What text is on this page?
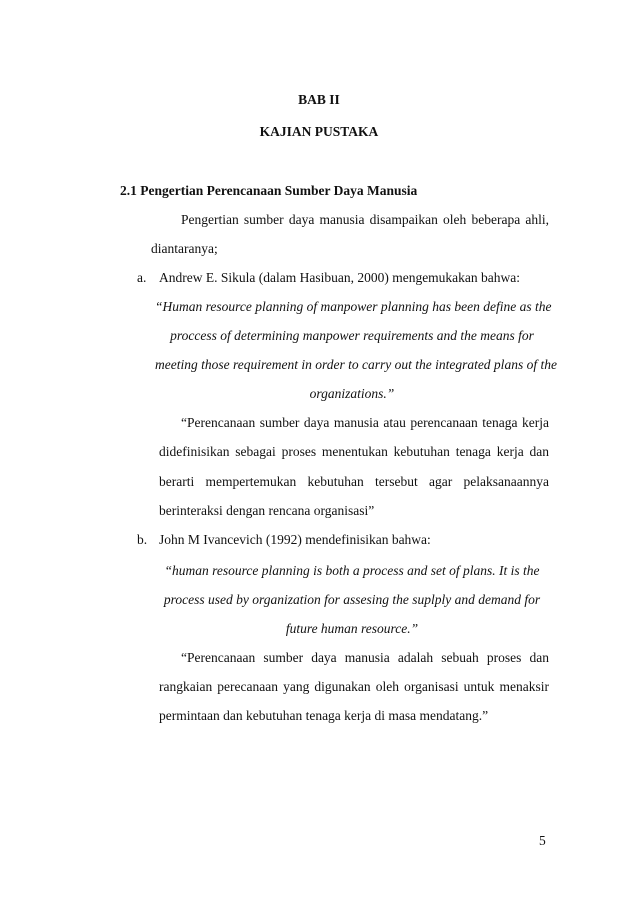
BAB II
KAJIAN PUSTAKA
2.1 Pengertian Perencanaan Sumber Daya Manusia
Pengertian sumber daya manusia disampaikan oleh beberapa ahli,
diantaranya;
a. Andrew E. Sikula (dalam Hasibuan, 2000) mengemukakan bahwa:
“Human resource planning of manpower planning has been define as the
proccess of determining manpower requirements and the means for
meeting those requirement in order to carry out the integrated plans of the
organizations.”
“Perencanaan sumber daya manusia atau perencanaan tenaga kerja
didefinisikan sebagai proses menentukan kebutuhan tenaga kerja dan
berarti mempertemukan kebutuhan tersebut agar pelaksanaannya
berinteraksi dengan rencana organisasi”
b. John M Ivancevich (1992) mendefinisikan bahwa:
“human resource planning is both a process and set of plans. It is the
process used by organization for assesing the suplply and demand for
future human resource.”
“Perencanaan sumber daya manusia adalah sebuah proses dan
rangkaian perecanaan yang digunakan oleh organisasi untuk menaksir
permintaan dan kebutuhan tenaga kerja di masa mendatang.”
5
